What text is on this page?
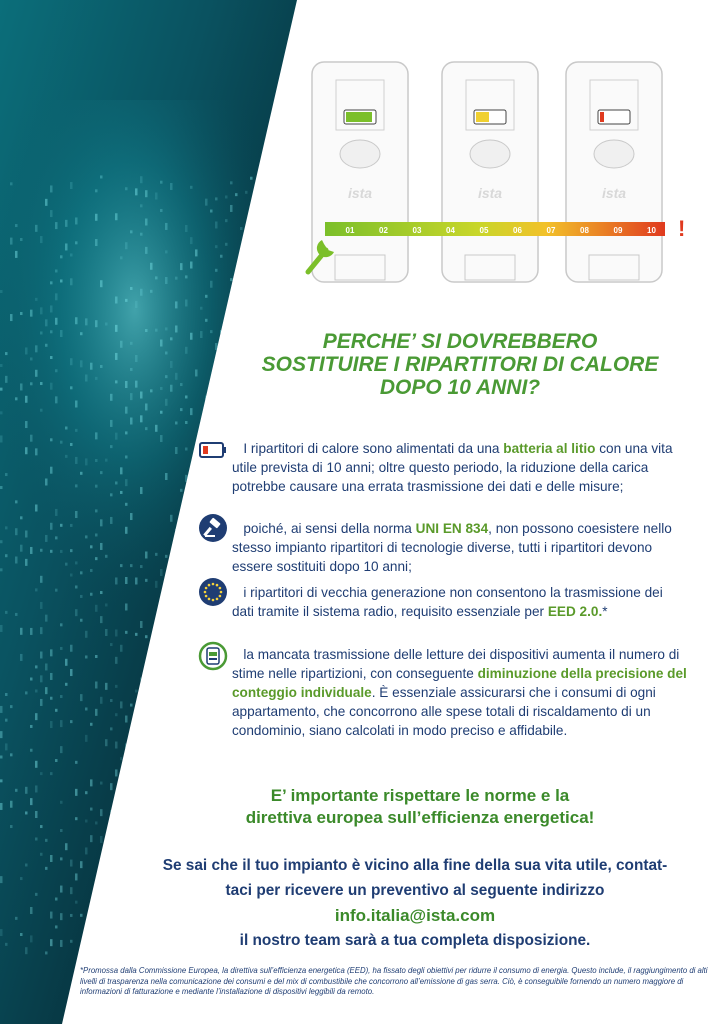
ista	ista	ista
01	02	03	04	05	06	07	08	09	10 !
PERCHE’ SI DOVREBBERO
SOSTITUIRE I RIPARTITORI DI CALORE
DOPO 10 ANNI?
I ripartitori di calore sono alimentati da una batteria al litio con una vita utile prevista di 10 anni; oltre questo periodo, la riduzione della carica potrebbe causare una errata trasmissione dei dati e delle misure;
poiché, ai sensi della norma UNI EN 834, non possono coesistere nello stesso impianto ripartitori di tecnologie diverse, tutti i ripartitori devono essere sostituiti dopo 10 anni;
i ripartitori di vecchia generazione non consentono la trasmissione dei dati tramite il sistema radio, requisito essenziale per EED 2.0.*
la mancata trasmissione delle letture dei dispositivi aumenta il numero di stime nelle ripartizioni, con conseguente diminuzione della precisione del conteggio individuale. È essenziale assicurarsi che i consumi di ogni appartamento, che concorrono alle spese totali di riscaldamento di un condominio, siano calcolati in modo preciso e affidabile.
E’ importante rispettare le norme e la
direttiva europea sull’efficienza energetica!
Se sai che il tuo impianto è vicino alla fine della sua vita utile, contat-
taci per ricevere un preventivo al seguente indirizzo
info.italia@ista.com
il nostro team sarà a tua completa disposizione.
*Promossa dalla Commissione Europea, la direttiva sull’efficienza energetica (EED), ha fissato degli obiettivi per ridurre il consumo di energia. Questo include, il raggiungimento di alti livelli di trasparenza nella comunicazione dei consumi e del mix di combustibile che concorrono all’emissione di gas serra. Ciò, è conseguibile fornendo un numero maggiore di informazioni di fatturazione e mediante l’installazione di dispositivi leggibili da remoto.
